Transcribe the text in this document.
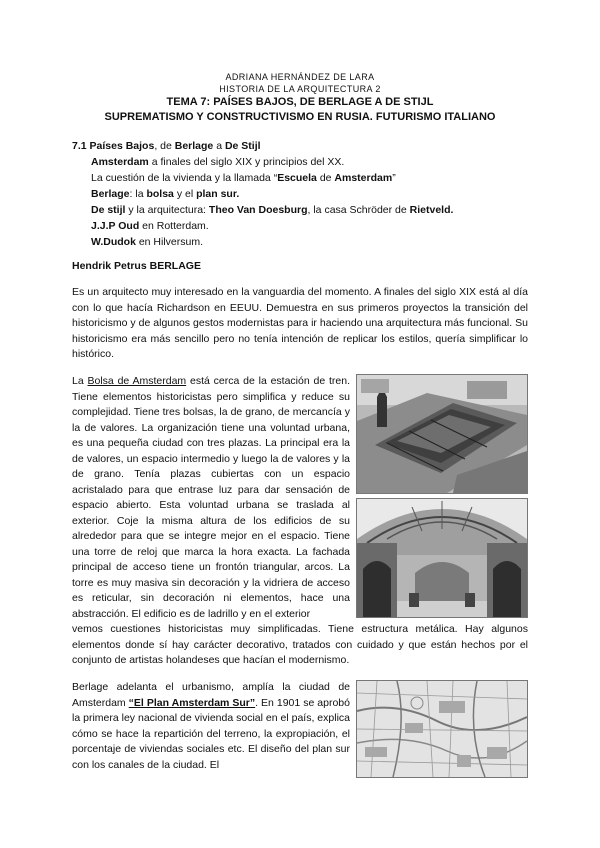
ADRIANA HERNÁNDEZ DE LARA
HISTORIA DE LA ARQUITECTURA 2
TEMA 7: PAÍSES BAJOS, DE BERLAGE A DE STIJL
SUPREMATISMO Y CONSTRUCTIVISMO EN RUSIA. FUTURISMO ITALIANO
7.1 Países Bajos, de Berlage a De Stijl
Amsterdam a finales del siglo XIX y principios del XX.
La cuestión de la vivienda y la llamada “Escuela de Amsterdam”
Berlage: la bolsa y el plan sur.
De stijl y la arquitectura: Theo Van Doesburg, la casa Schröder de Rietveld.
J.J.P Oud en Rotterdam.
W.Dudok en Hilversum.
Hendrik Petrus BERLAGE

Es un arquitecto muy interesado en la vanguardia del momento. A finales del siglo XIX está al día con lo que hacía Richardson en EEUU. Demuestra en sus primeros proyectos la transición del historicismo y de algunos gestos modernistas para ir haciendo una arquitectura más funcional. Su historicismo era más sencillo pero no tenía intención de replicar los estilos, quería simplificar lo histórico.

La Bolsa de Amsterdam está cerca de la estación de tren. Tiene elementos historicistas pero simplifica y reduce su complejidad. Tiene tres bolsas, la de grano, de mercancía y la de valores. La organización tiene una voluntad urbana, es una pequeña ciudad con tres plazas. La principal era la de valores, un espacio intermedio y luego la de valores y la de grano. Tenía plazas cubiertas con un espacio acristalado para que entrase luz para dar sensación de espacio abierto. Esta voluntad urbana se traslada al exterior. Coje la misma altura de los edificios de su alrededor para que se integre mejor en el espacio. Tiene una torre de reloj que marca la hora exacta. La fachada principal de acceso tiene un frontón triangular, arcos. La torre es muy masiva sin decoración y la vidriera de acceso es reticular, sin decoración ni elementos, hace una abstracción. El edificio es de ladrillo y en el exterior

vemos cuestiones historicistas muy simplificadas. Tiene estructura metálica. Hay algunos elementos donde sí hay carácter decorativo, tratados con cuidado y que están hechos por el conjunto de artistas holandeses que hacían el modernismo.

Berlage adelanta el urbanismo, amplía la ciudad de Amsterdam “El Plan Amsterdam Sur”. En 1901 se aprobó la primera ley nacional de vivienda social en el país, explica cómo se hace la repartición del terreno, la expropiación, el porcentaje de viviendas sociales etc. El diseño del plan sur con los canales de la ciudad. El
